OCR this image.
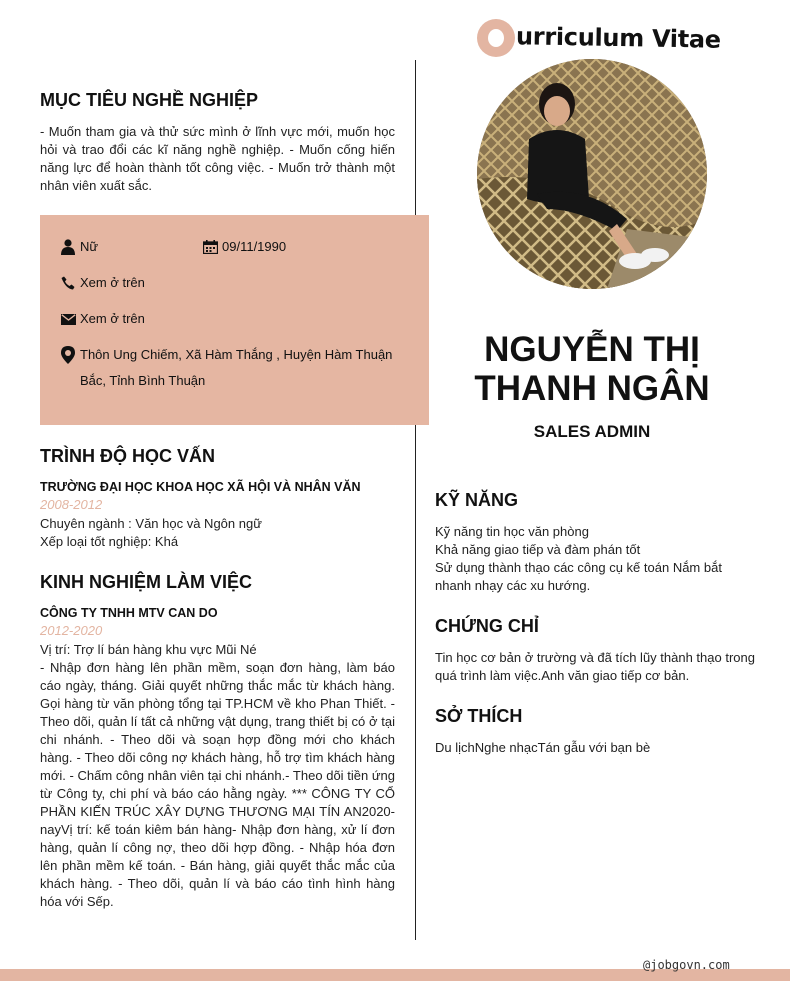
urriculum Vitae
NGUYỄN THỊ
THANH NGÂN
SALES ADMIN
MỤC TIÊU NGHỀ NGHIỆP
- Muốn tham gia và thử sức mình ở lĩnh vực mới, muốn học hỏi và trao đổi các kĩ năng nghề nghiệp. - Muốn cống hiến năng lực để hoàn thành tốt công việc. - Muốn trở thành một nhân viên xuất sắc.
Nữ	09/11/1990
Xem ở trên
Xem ở trên
Thôn Ung Chiếm, Xã Hàm Thắng , Huyện Hàm Thuận Bắc, Tỉnh Bình Thuận
TRÌNH ĐỘ HỌC VẤN
TRƯỜNG ĐẠI HỌC KHOA HỌC XÃ HỘI VÀ NHÂN VĂN
2008-2012
Chuyên ngành : Văn học và Ngôn ngữ
Xếp loại tốt nghiệp: Khá
KINH NGHIỆM LÀM VIỆC
CÔNG TY TNHH MTV CAN DO
2012-2020
Vị trí: Trợ lí bán hàng khu vực Mũi Né
- Nhập đơn hàng lên phần mềm, soạn đơn hàng, làm báo cáo ngày, tháng. Giải quyết những thắc mắc từ khách hàng. Gọi hàng từ văn phòng tổng tại TP.HCM về kho Phan Thiết. - Theo dõi, quản lí tất cả những vật dụng, trang thiết bị có ở tại chi nhánh. - Theo dõi và soạn hợp đồng mới cho khách hàng. - Theo dõi công nợ khách hàng, hỗ trợ tìm khách hàng mới. - Chấm công nhân viên tại chi nhánh.- Theo dõi tiền ứng từ Công ty, chi phí và báo cáo hằng ngày. *** CÔNG TY CỔ PHẦN KIẾN TRÚC XÂY DỰNG THƯƠNG MẠI TÍN AN2020-nayVị trí: kế toán kiêm bán hàng- Nhập đơn hàng, xử lí đơn hàng, quản lí công nợ, theo dõi hợp đồng. - Nhập hóa đơn lên phần mềm kế toán. - Bán hàng, giải quyết thắc mắc của khách hàng. - Theo dõi, quản lí và báo cáo tình hình hàng hóa với Sếp.
KỸ NĂNG
Kỹ năng tin học văn phòng
Khả năng giao tiếp và đàm phán tốt
Sử dụng thành thạo các công cụ kế toán Nắm bắt nhanh nhạy các xu hướng.
CHỨNG CHỈ
Tin học cơ bản ở trường và đã tích lũy thành thạo trong quá trình làm việc.Anh văn giao tiếp cơ bản.
SỞ THÍCH
Du lịchNghe nhạcTán gẫu với bạn bè
@jobgovn.com
